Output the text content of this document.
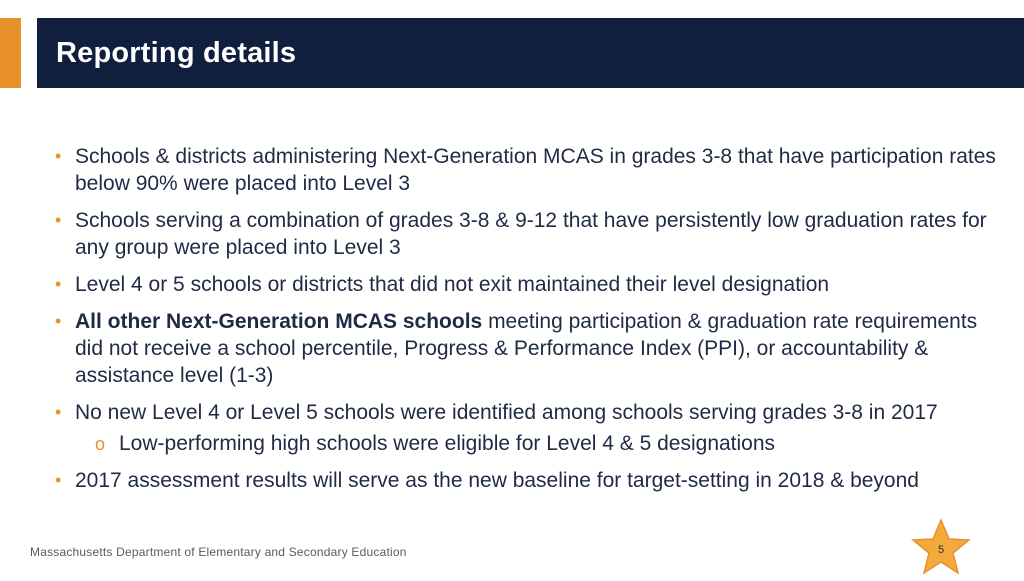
Reporting details
• Schools & districts administering Next-Generation MCAS in grades 3-8 that have participation rates below 90% were placed into Level 3
• Schools serving a combination of grades 3-8 & 9-12 that have persistently low graduation rates for any group were placed into Level 3
• Level 4 or 5 schools or districts that did not exit maintained their level designation
• All other Next-Generation MCAS schools meeting participation & graduation rate requirements did not receive a school percentile, Progress & Performance Index (PPI), or accountability & assistance level (1-3)
• No new Level 4 or Level 5 schools were identified among schools serving grades 3-8 in 2017
o Low-performing high schools were eligible for Level 4 & 5 designations
• 2017 assessment results will serve as the new baseline for target-setting in 2018 & beyond
Massachusetts Department of Elementary and Secondary Education	5
